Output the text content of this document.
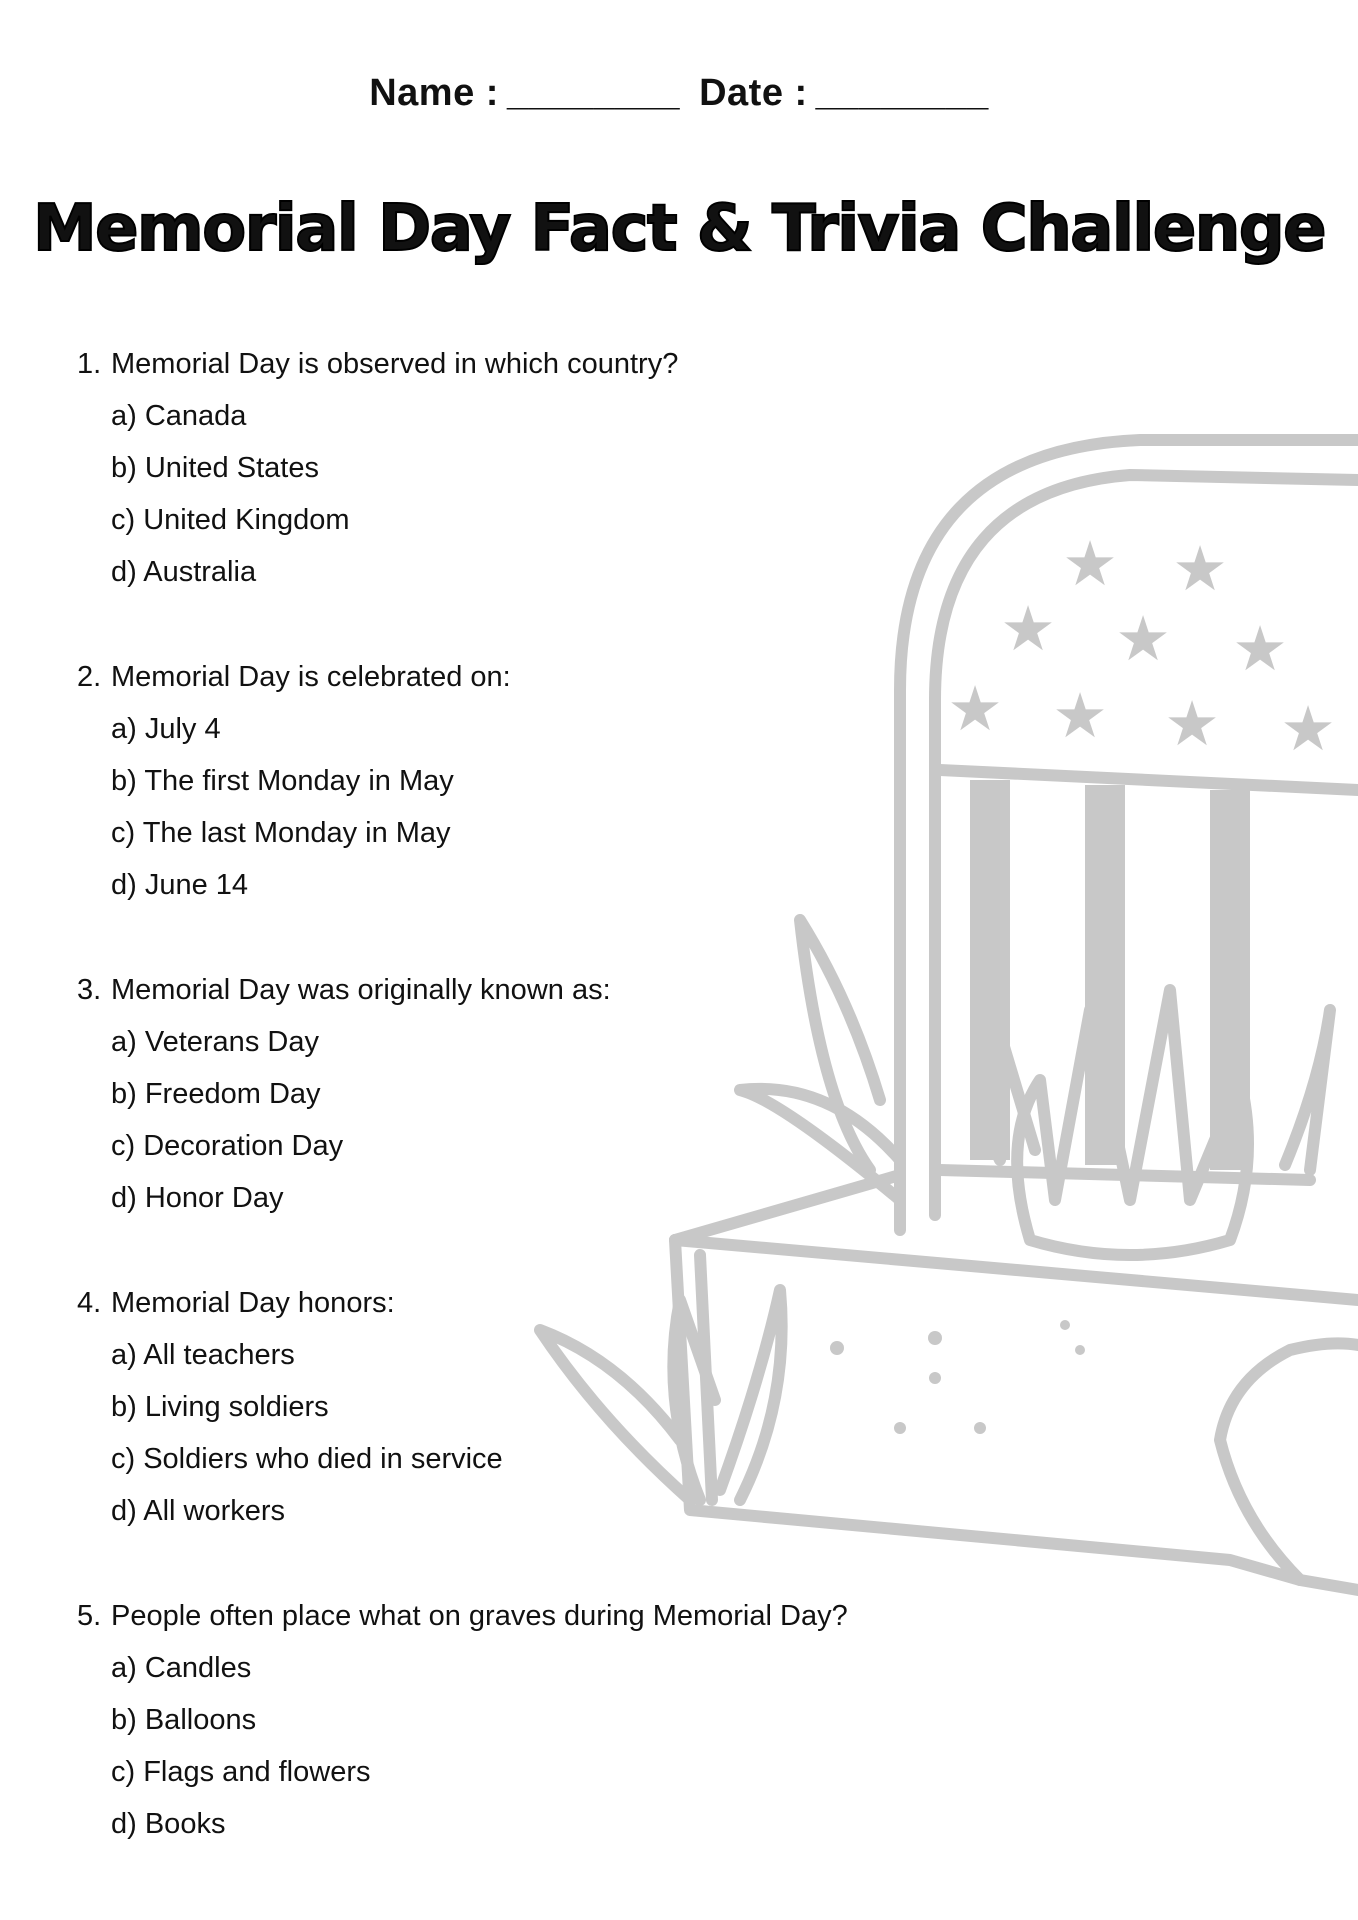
★ ★
★ ★ ★
★ ★ ★ ★
Name : ________ Date : ________
Memorial Day Fact & Trivia Challenge
1. Memorial Day is observed in which country?
a) Canada
b) United States
c) United Kingdom
d) Australia
2. Memorial Day is celebrated on:
a) July 4
b) The first Monday in May
c) The last Monday in May
d) June 14
3. Memorial Day was originally known as:
a) Veterans Day
b) Freedom Day
c) Decoration Day
d) Honor Day
4. Memorial Day honors:
a) All teachers
b) Living soldiers
c) Soldiers who died in service
d) All workers
5. People often place what on graves during Memorial Day?
a) Candles
b) Balloons
c) Flags and flowers
d) Books
